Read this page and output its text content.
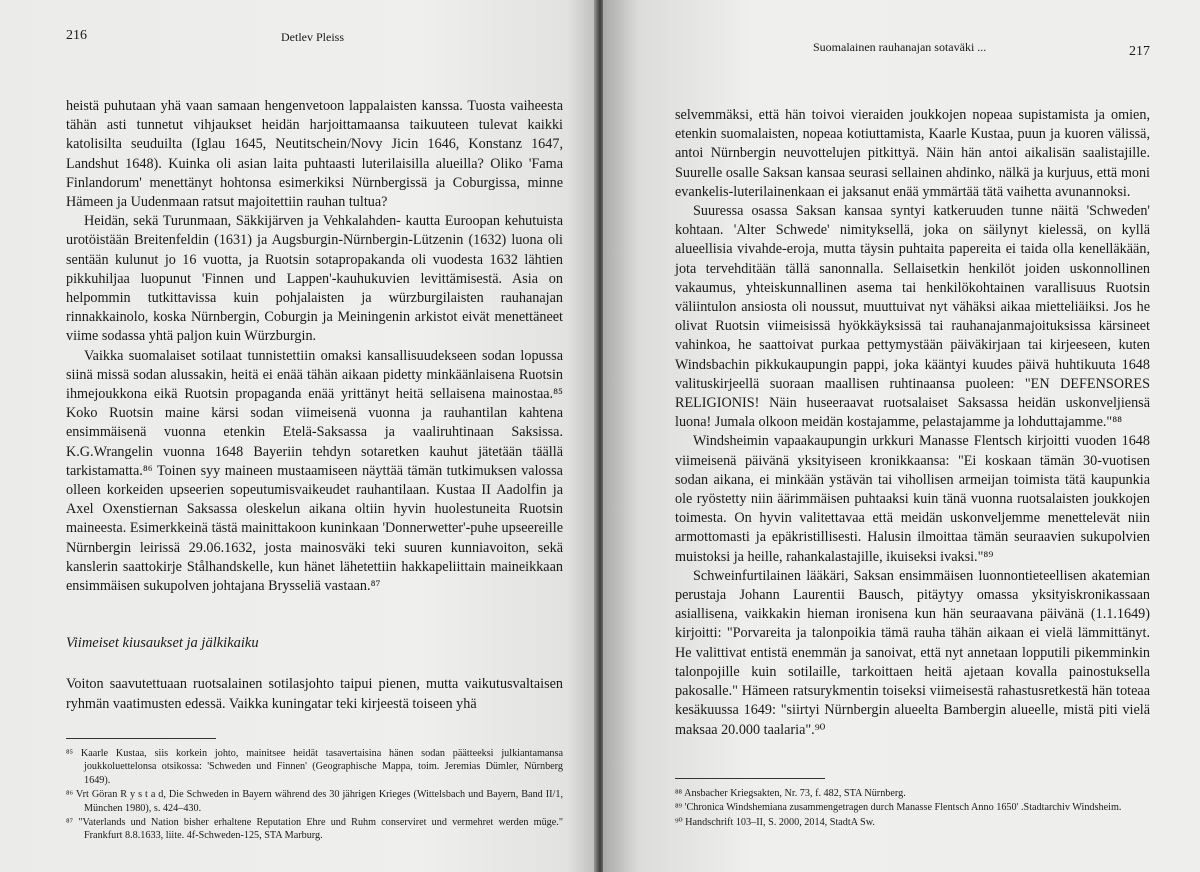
216	Detlev Pleiss

heistä puhutaan yhä vaan samaan hengenvetoon lappalaisten kanssa. Tuosta vaiheesta tähän asti tunnetut vihjaukset heidän harjoittamaansa taikuuteen tulevat kaikki katolisilta seuduilta (Iglau 1645, Neutitschein/Novy Jicin 1646, Konstanz 1647, Landshut 1648). Kuinka oli asian laita puhtaasti luterilaisilla alueilla? Oliko 'Fama Finlandorum' menettänyt hohtonsa esimerkiksi Nürnbergissä ja Coburgissa, minne Hämeen ja Uudenmaan ratsut majoitettiin rauhan tultua?

Heidän, sekä Turunmaan, Säkkijärven ja Vehkalahden- kautta Euroopan kehutuista urotöistään Breitenfeldin (1631) ja Augsburgin-Nürnbergin-Lützenin (1632) luona oli sentään kulunut jo 16 vuotta, ja Ruotsin sotapropakanda oli vuodesta 1632 lähtien pikkuhiljaa luopunut 'Finnen und Lappen'-kauhukuvien levittämisestä. Asia on helpommin tutkittavissa kuin pohjalaisten ja würzburgilaisten rauhanajan rinnakkainolo, koska Nürnbergin, Coburgin ja Meiningenin arkistot eivät menettäneet viime sodassa yhtä paljon kuin Würzburgin.

Vaikka suomalaiset sotilaat tunnistettiin omaksi kansallisuudekseen sodan lopussa siinä missä sodan alussakin, heitä ei enää tähän aikaan pidetty minkäänlaisena Ruotsin ihmejoukkona eikä Ruotsin propaganda enää yrittänyt heitä sellaisena mainostaa.⁸⁵ Koko Ruotsin maine kärsi sodan viimeisenä vuonna ja rauhantilan kahtena ensimmäisenä vuonna etenkin Etelä-Saksassa ja vaaliruhtinaan Saksissa. K.G.Wrangelin vuonna 1648 Bayeriin tehdyn sotaretken kauhut jätetään täällä tarkistamatta.⁸⁶ Toinen syy maineen mustaamiseen näyttää tämän tutkimuksen valossa olleen korkeiden upseerien sopeutumisvaikeudet rauhantilaan. Kustaa II Aadolfin ja Axel Oxenstiernan Saksassa oleskelun aikana oltiin hyvin huolestuneita Ruotsin maineesta. Esimerkkeinä tästä mainittakoon kuninkaan 'Donnerwetter'-puhe upseereille Nürnbergin leirissä 29.06.1632, josta mainosväki teki suuren kunniavoiton, sekä kanslerin saattokirje Stålhandskelle, kun hänet lähetettiin hakkapeliittain maineikkaan ensimmäisen sukupolven johtajana Brysseliä vastaan.⁸⁷

Viimeiset kiusaukset ja jälkikaiku

Voiton saavutettuaan ruotsalainen sotilasjohto taipui pienen, mutta vaikutusvaltaisen ryhmän vaatimusten edessä. Vaikka kuningatar teki kirjeestä toiseen yhä

⁸⁵ Kaarle Kustaa, siis korkein johto, mainitsee heidät tasavertaisina hänen sodan päätteeksi julkiantamansa joukkoluettelonsa otsikossa: 'Schweden und Finnen' (Geographische Mappa, toim. Jeremias Dümler, Nürnberg 1649).

⁸⁶ Vrt Göran R y s t a d, Die Schweden in Bayern während des 30 jährigen Krieges (Wittelsbach und Bayern, Band II/1, München 1980), s. 424–430.

⁸⁷ "Vaterlands und Nation bisher erhaltene Reputation Ehre und Ruhm conserviret und vermehret werden müge." Frankfurt 8.8.1633, liite. 4f-Schweden-125, STA Marburg.

Suomalainen rauhanajan sotaväki ...	217

selvemmäksi, että hän toivoi vieraiden joukkojen nopeaa supistamista ja omien, etenkin suomalaisten, nopeaa kotiuttamista, Kaarle Kustaa, puun ja kuoren välissä, antoi Nürnbergin neuvottelujen pitkittyä. Näin hän antoi aikalisän saalistajille. Suurelle osalle Saksan kansaa seurasi sellainen ahdinko, nälkä ja kurjuus, että moni evankelis-luterilainenkaan ei jaksanut enää ymmärtää tätä vaihetta avunannoksi.

Suuressa osassa Saksan kansaa syntyi katkeruuden tunne näitä 'Schweden' kohtaan. 'Alter Schwede' nimityksellä, joka on säilynyt kielessä, on kyllä alueellisia vivahde-eroja, mutta täysin puhtaita papereita ei taida olla kenelläkään, jota tervehditään tällä sanonnalla. Sellaisetkin henkilöt joiden uskonnollinen vakaumus, yhteiskunnallinen asema tai henkilökohtainen varallisuus Ruotsin väliintulon ansiosta oli noussut, muuttuivat nyt vähäksi aikaa mietteliäiksi. Jos he olivat Ruotsin viimeisissä hyökkäyksissä tai rauhanajanmajoituksissa kärsineet vahinkoa, he saattoivat purkaa pettymystään päiväkirjaan tai kirjeeseen, kuten Windsbachin pikkukaupungin pappi, joka kääntyi kuudes päivä huhtikuuta 1648 valituskirjeellä suoraan maallisen ruhtinaansa puoleen: "EN DEFENSORES RELIGIONIS! Näin huseeraavat ruotsalaiset Saksassa heidän uskonveljiensä luona! Jumala olkoon meidän kostajamme, pelastajamme ja lohduttajamme."⁸⁸

Windsheimin vapaakaupungin urkkuri Manasse Flentsch kirjoitti vuoden 1648 viimeisenä päivänä yksityiseen kronikkaansa: "Ei koskaan tämän 30-vuotisen sodan aikana, ei minkään ystävän tai vihollisen armeijan toimista tätä kaupunkia ole ryöstetty niin äärimmäisen puhtaaksi kuin tänä vuonna ruotsalaisten joukkojen toimesta. On hyvin valitettavaa että meidän uskonveljemme menettelevät niin armottomasti ja epäkristillisesti. Halusin ilmoittaa tämän seuraavien sukupolvien muistoksi ja heille, rahankalastajille, ikuiseksi ivaksi."⁸⁹

Schweinfurtilainen lääkäri, Saksan ensimmäisen luonnontieteellisen akatemian perustaja Johann Laurentii Bausch, pitäytyy omassa yksityiskronikassaan asiallisena, vaikkakin hieman ironisena kun hän seuraavana päivänä (1.1.1649) kirjoitti: "Porvareita ja talonpoikia tämä rauha tähän aikaan ei vielä lämmittänyt. He valittivat entistä enemmän ja sanoivat, että nyt annetaan lopputili pikemminkin talonpojille kuin sotilaille, tarkoittaen heitä ajetaan kovalla painostuksella pakosalle." Hämeen ratsurykmentin toiseksi viimeisestä rahastusretkestä hän toteaa kesäkuussa 1649: "siirtyi Nürnbergin alueelta Bambergin alueelle, mistä piti vielä maksaa 20.000 taalaria".⁹⁰

⁸⁸ Ansbacher Kriegsakten, Nr. 73, f. 482, STA Nürnberg.

⁸⁹ 'Chronica Windshemiana zusammengetragen durch Manasse Flentsch Anno 1650' .Stadtarchiv Windsheim.

⁹⁰ Handschrift 103–II, S. 2000, 2014, StadtA Sw.
